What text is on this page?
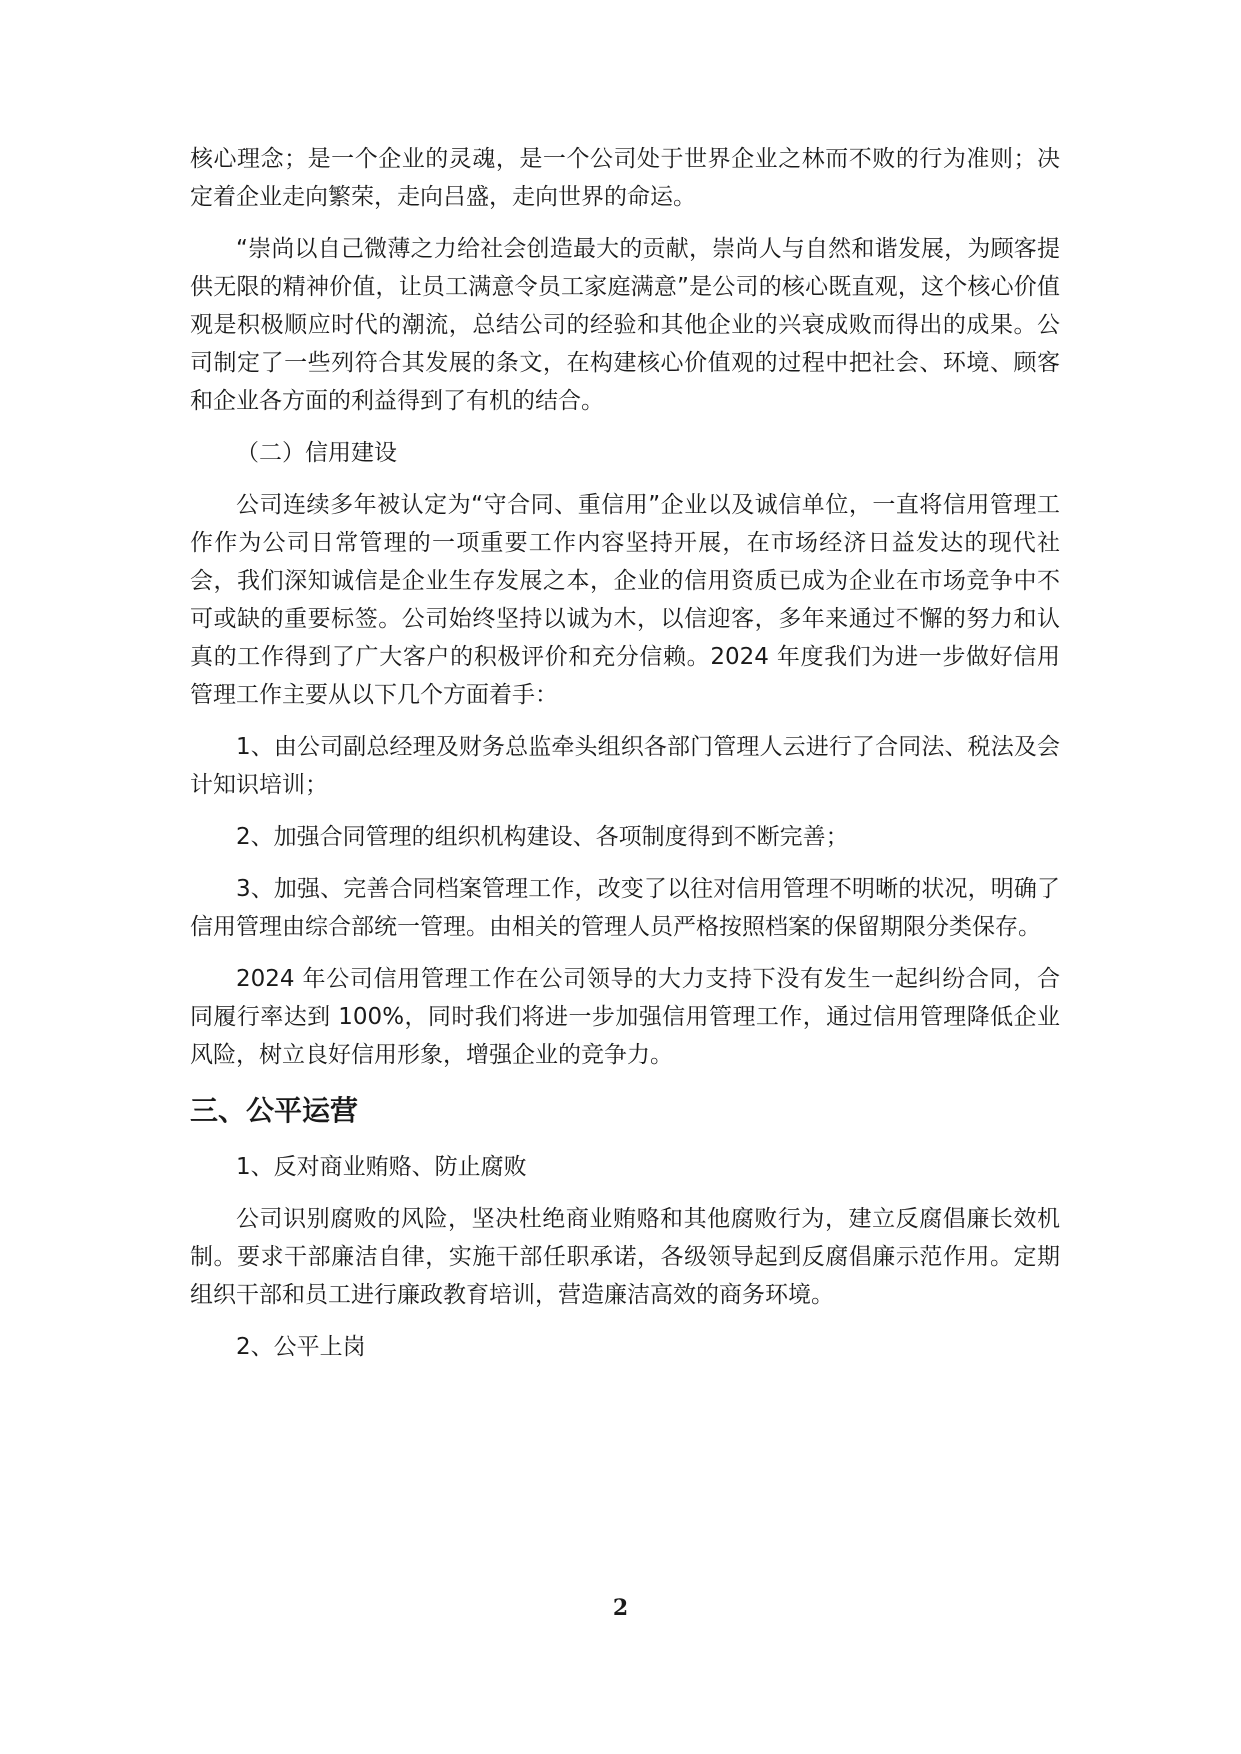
核心理念；是一个企业的灵魂，是一个公司处于世界企业之林而不败的行为准则；决定着企业走向繁荣，走向吕盛，走向世界的命运。

“崇尚以自己微薄之力给社会创造最大的贡献，崇尚人与自然和谐发展，为顾客提供无限的精神价值，让员工满意令员工家庭满意”是公司的核心既直观，这个核心价值观是积极顺应时代的潮流，总结公司的经验和其他企业的兴衰成败而得出的成果。公司制定了一些列符合其发展的条文，在构建核心价值观的过程中把社会、环境、顾客和企业各方面的利益得到了有机的结合。

（二）信用建设

公司连续多年被认定为“守合同、重信用”企业以及诚信单位，一直将信用管理工作作为公司日常管理的一项重要工作内容坚持开展，在市场经济日益发达的现代社会，我们深知诚信是企业生存发展之本，企业的信用资质已成为企业在市场竞争中不可或缺的重要标签。公司始终坚持以诚为木，以信迎客，多年来通过不懈的努力和认真的工作得到了广大客户的积极评价和充分信赖。2024 年度我们为进一步做好信用管理工作主要从以下几个方面着手：

1、由公司副总经理及财务总监牵头组织各部门管理人云进行了合同法、税法及会计知识培训；

2、加强合同管理的组织机构建设、各项制度得到不断完善；

3、加强、完善合同档案管理工作，改变了以往对信用管理不明晰的状况，明确了信用管理由综合部统一管理。由相关的管理人员严格按照档案的保留期限分类保存。

2024 年公司信用管理工作在公司领导的大力支持下没有发生一起纠纷合同，合同履行率达到 100%，同时我们将进一步加强信用管理工作，通过信用管理降低企业风险，树立良好信用形象，增强企业的竞争力。

三、公平运营

1、反对商业贿赂、防止腐败

公司识别腐败的风险，坚决杜绝商业贿赂和其他腐败行为，建立反腐倡廉长效机制。要求干部廉洁自律，实施干部任职承诺，各级领导起到反腐倡廉示范作用。定期组织干部和员工进行廉政教育培训，营造廉洁高效的商务环境。

2、公平上岗

2
